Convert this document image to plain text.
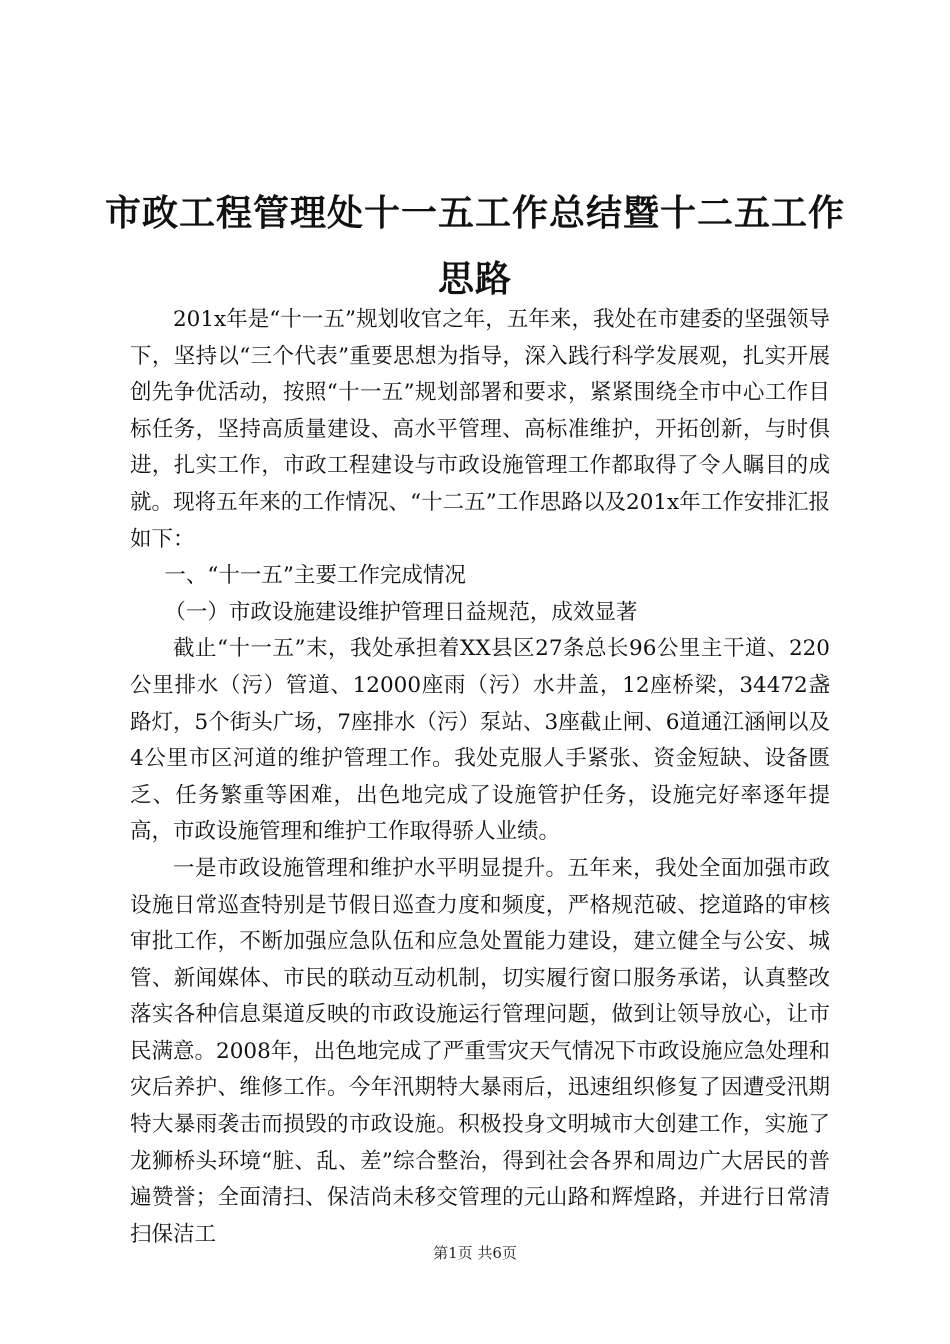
市政工程管理处十一五工作总结暨十二五工作思路

201x年是“十一五”规划收官之年，五年来，我处在市建委的坚强领导下，坚持以“三个代表”重要思想为指导，深入践行科学发展观，扎实开展创先争优活动，按照“十一五”规划部署和要求，紧紧围绕全市中心工作目标任务，坚持高质量建设、高水平管理、高标准维护，开拓创新，与时俱进，扎实工作，市政工程建设与市政设施管理工作都取得了令人瞩目的成就。现将五年来的工作情况、“十二五”工作思路以及201x年工作安排汇报如下：

一、“十一五”主要工作完成情况

（一）市政设施建设维护管理日益规范，成效显著

截止“十一五”末，我处承担着XX县区27条总长96公里主干道、220公里排水（污）管道、12000座雨（污）水井盖，12座桥梁，34472盏路灯，5个街头广场，7座排水（污）泵站、3座截止闸、6道通江涵闸以及4公里市区河道的维护管理工作。我处克服人手紧张、资金短缺、设备匮乏、任务繁重等困难，出色地完成了设施管护任务，设施完好率逐年提高，市政设施管理和维护工作取得骄人业绩。

一是市政设施管理和维护水平明显提升。五年来，我处全面加强市政设施日常巡查特别是节假日巡查力度和频度，严格规范破、挖道路的审核审批工作，不断加强应急队伍和应急处置能力建设，建立健全与公安、城管、新闻媒体、市民的联动互动机制，切实履行窗口服务承诺，认真整改落实各种信息渠道反映的市政设施运行管理问题，做到让领导放心，让市民满意。2008年，出色地完成了严重雪灾天气情况下市政设施应急处理和灾后养护、维修工作。今年汛期特大暴雨后，迅速组织修复了因遭受汛期特大暴雨袭击而损毁的市政设施。积极投身文明城市大创建工作，实施了龙狮桥头环境“脏、乱、差”综合整治，得到社会各界和周边广大居民的普遍赞誉；全面清扫、保洁尚未移交管理的元山路和辉煌路，并进行日常清扫保洁工

第1页 共6页
